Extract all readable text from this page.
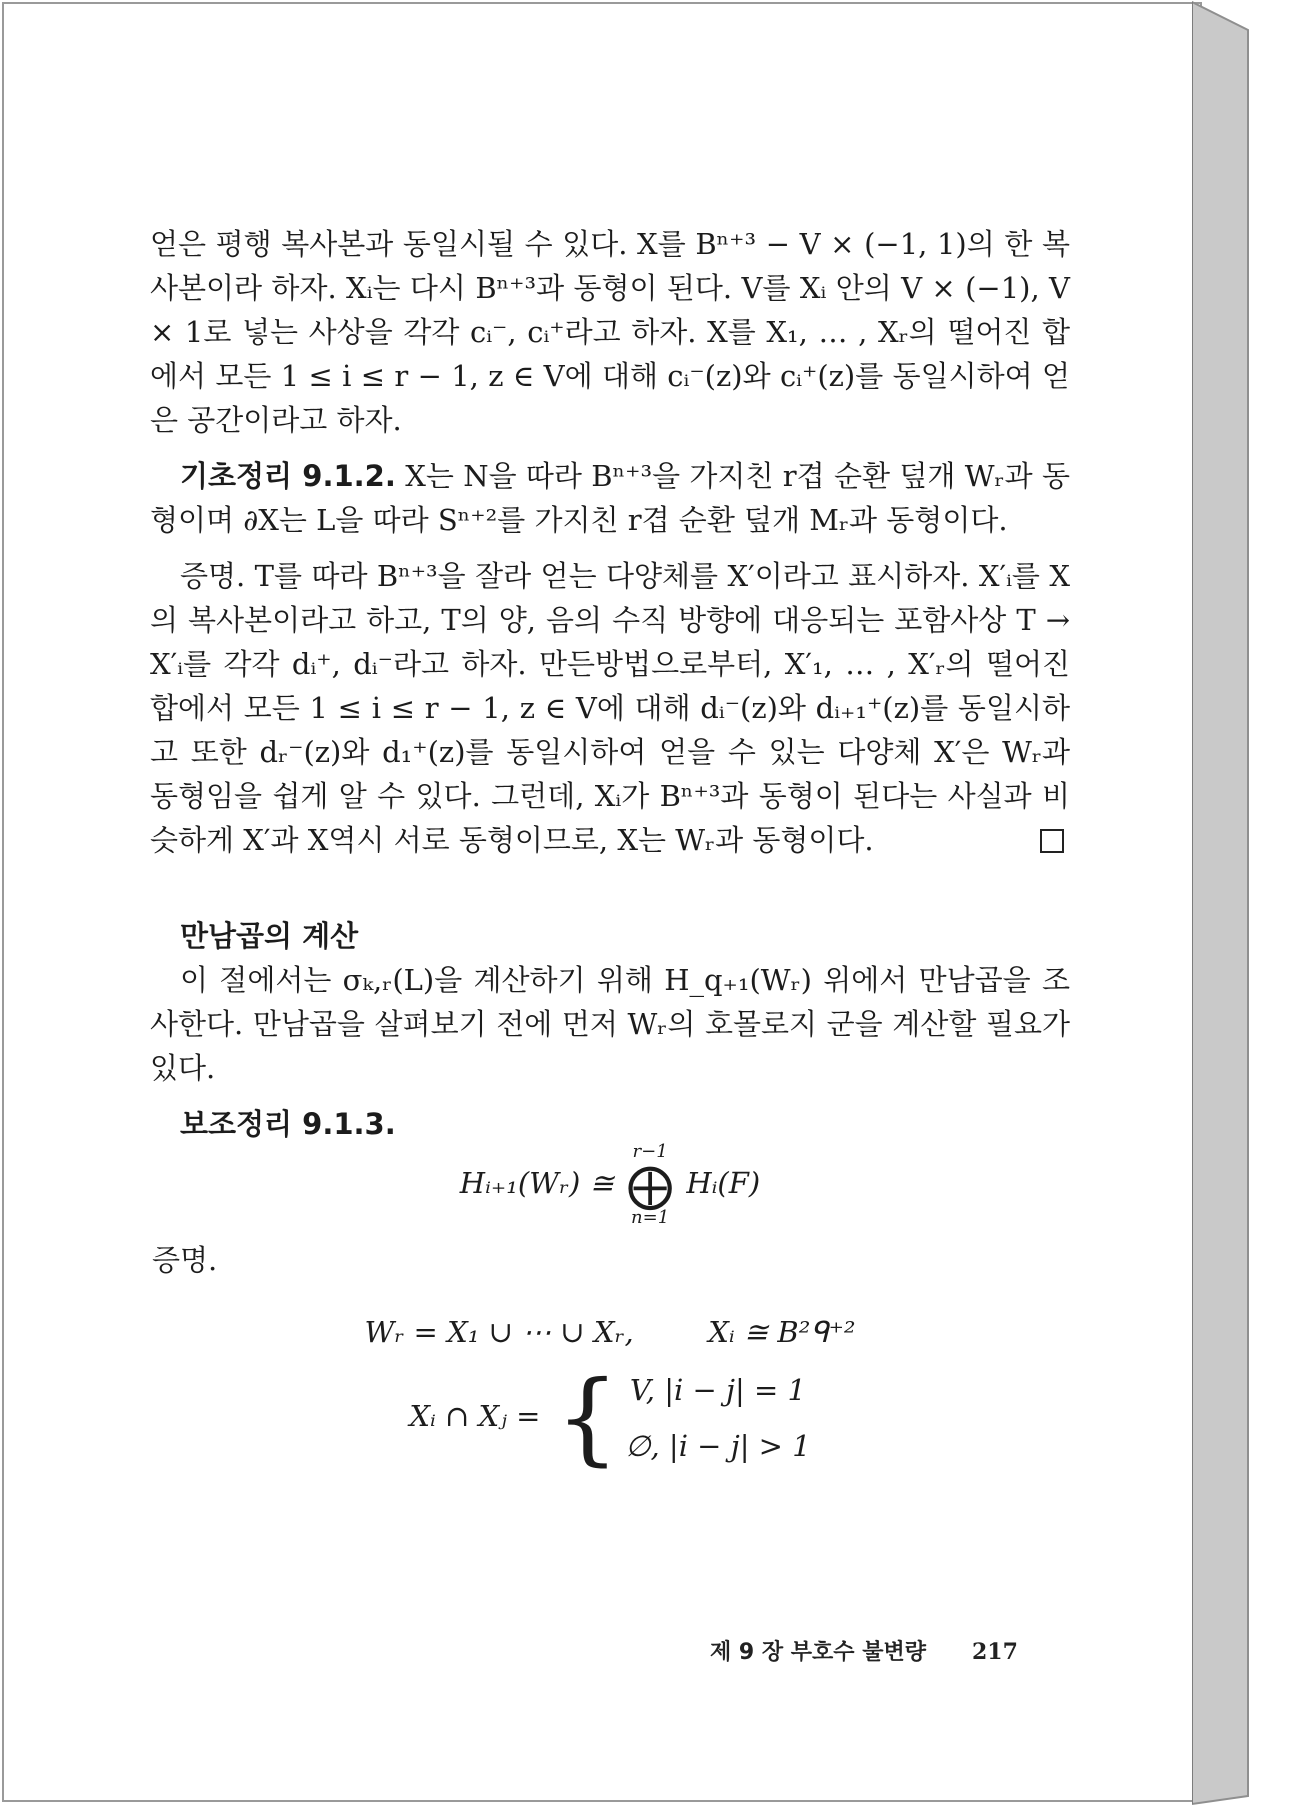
얻은 평행 복사본과 동일시될 수 있다. X를 Bⁿ⁺³ − V × (−1, 1)의 한 복사본이라 하자. Xᵢ는 다시 Bⁿ⁺³과 동형이 된다. V를 Xᵢ 안의 V × (−1), V × 1로 넣는 사상을 각각 cᵢ⁻, cᵢ⁺라고 하자. X를 X₁, … , Xᵣ의 떨어진 합에서 모든 1 ≤ i ≤ r − 1, z ∈ V에 대해 cᵢ⁻(z)와 cᵢ⁺(z)를 동일시하여 얻은 공간이라고 하자.

기초정리 9.1.2. X는 N을 따라 Bⁿ⁺³을 가지친 r겹 순환 덮개 Wᵣ과 동형이며 ∂X는 L을 따라 Sⁿ⁺²를 가지친 r겹 순환 덮개 Mᵣ과 동형이다.

증명. T를 따라 Bⁿ⁺³을 잘라 얻는 다양체를 X′이라고 표시하자. X′ᵢ를 X의 복사본이라고 하고, T의 양, 음의 수직 방향에 대응되는 포함사상 T → X′ᵢ를 각각 dᵢ⁺, dᵢ⁻라고 하자. 만든방법으로부터, X′₁, … , X′ᵣ의 떨어진 합에서 모든 1 ≤ i ≤ r − 1, z ∈ V에 대해 dᵢ⁻(z)와 dᵢ₊₁⁺(z)를 동일시하고 또한 dᵣ⁻(z)와 d₁⁺(z)를 동일시하여 얻을 수 있는 다양체 X′은 Wᵣ과 동형임을 쉽게 알 수 있다. 그런데, Xᵢ가 Bⁿ⁺³과 동형이 된다는 사실과 비슷하게 X′과 X역시 서로 동형이므로, X는 Wᵣ과 동형이다.

만남곱의 계산

이 절에서는 σₖ,ᵣ(L)을 계산하기 위해 H_q₊₁(Wᵣ) 위에서 만남곱을 조사한다. 만남곱을 살펴보기 전에 먼저 Wᵣ의 호몰로지 군을 계산할 필요가 있다.

보조정리 9.1.3.
Hᵢ₊₁(Wᵣ) ≅
r−1
⨁
n=1
Hᵢ(F)
증명.
Wᵣ = X₁ ∪ ⋯ ∪ Xᵣ,	Xᵢ ≅ B²ᑫ⁺²
Xᵢ ∩ Xⱼ = { V, |i − j| = 1
∅, |i − j| > 1
제 9 장 부호수 불변량 217
